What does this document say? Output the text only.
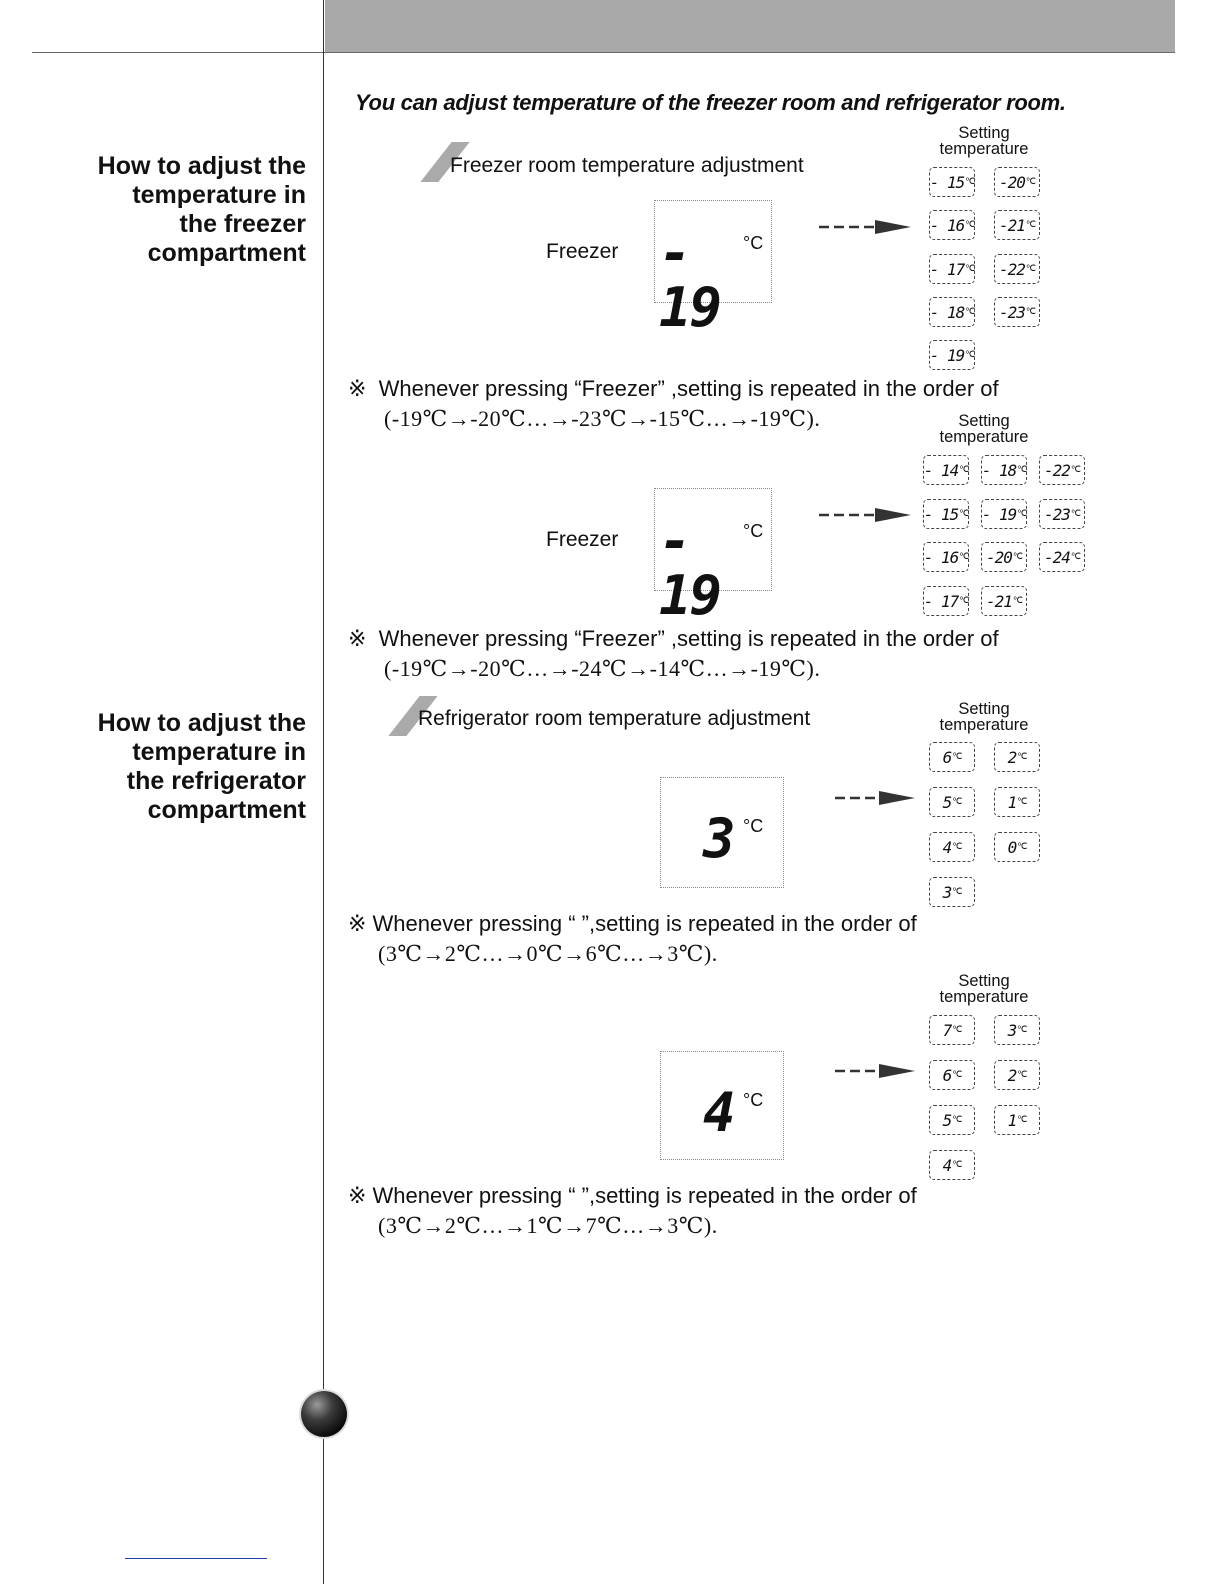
You can adjust temperature of the freezer room and refrigerator room.
How to adjust the
temperature in
the freezer
compartment
Freezer room temperature adjustment
Freezer - 19
°C
Setting
temperature
- 15 ℃ -20 ℃
- 16 ℃ -21 ℃
- 17 ℃ -22 ℃
- 18 ℃ -23 ℃
- 19 ℃
※ Whenever pressing “Freezer” ,setting is repeated in the order of
(-19℃→-20℃…→-23℃→-15℃…→-19℃).
Freezer - 19
°C
Setting
temperature
- 14 ℃ - 18 ℃ -22 ℃
- 15 ℃ - 19 ℃ -23 ℃
- 16 ℃ -20 ℃ -24 ℃
- 17 ℃ -21 ℃
※ Whenever pressing “Freezer” ,setting is repeated in the order of
(-19℃→-20℃…→-24℃→-14℃…→-19℃).
How to adjust the
temperature in
the refrigerator
compartment
Refrigerator room temperature adjustment
3 °C
Setting
temperature
6 ℃	2 ℃
5 ℃	1 ℃
4 ℃	0 ℃
3 ℃
※ Whenever pressing “ ”,setting is repeated in the order of
(3℃→2℃…→0℃→6℃…→3℃).
4 °C
Setting
temperature
7 ℃	3 ℃
6 ℃	2 ℃
5 ℃	1 ℃
4 ℃
※ Whenever pressing “ ”,setting is repeated in the order of
(3℃→2℃…→1℃→7℃…→3℃).
